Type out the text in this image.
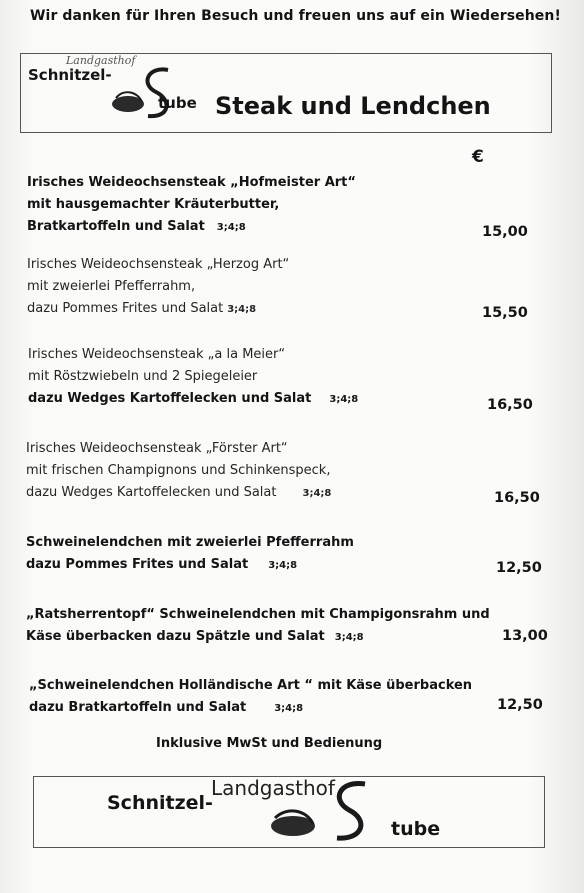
Wir danken für Ihren Besuch und freuen uns auf ein Wiedersehen!
Landgasthof
Schnitzel-
tube Steak und Lendchen
€
Irisches Weideochsensteak „Hofmeister Art“
mit hausgemachter Kräuterbutter,
Bratkartoffeln und Salat 3;4;8	15,00
Irisches Weideochsensteak „Herzog Art“
mit zweierlei Pfefferrahm,
dazu Pommes Frites und Salat 3;4;8	15,50
Irisches Weideochsensteak „a la Meier“
mit Röstzwiebeln und 2 Spiegeleier
dazu Wedges Kartoffelecken und Salat 3;4;8	16,50
Irisches Weideochsensteak „Förster Art“
mit frischen Champignons und Schinkenspeck,
dazu Wedges Kartoffelecken und Salat	3;4;8	16,50
Schweinelendchen mit zweierlei Pfefferrahm
dazu Pommes Frites und Salat 3;4;8	12,50
„Ratsherrentopf“ Schweinelendchen mit Champigonsrahm und
Käse überbacken dazu Spätzle und Salat 3;4;8	13,00
„Schweinelendchen Holländische Art “ mit Käse überbacken
dazu Bratkartoffeln und Salat	3;4;8	12,50
Inklusive MwSt und Bedienung
Landgasthof
Schnitzel-
tube
